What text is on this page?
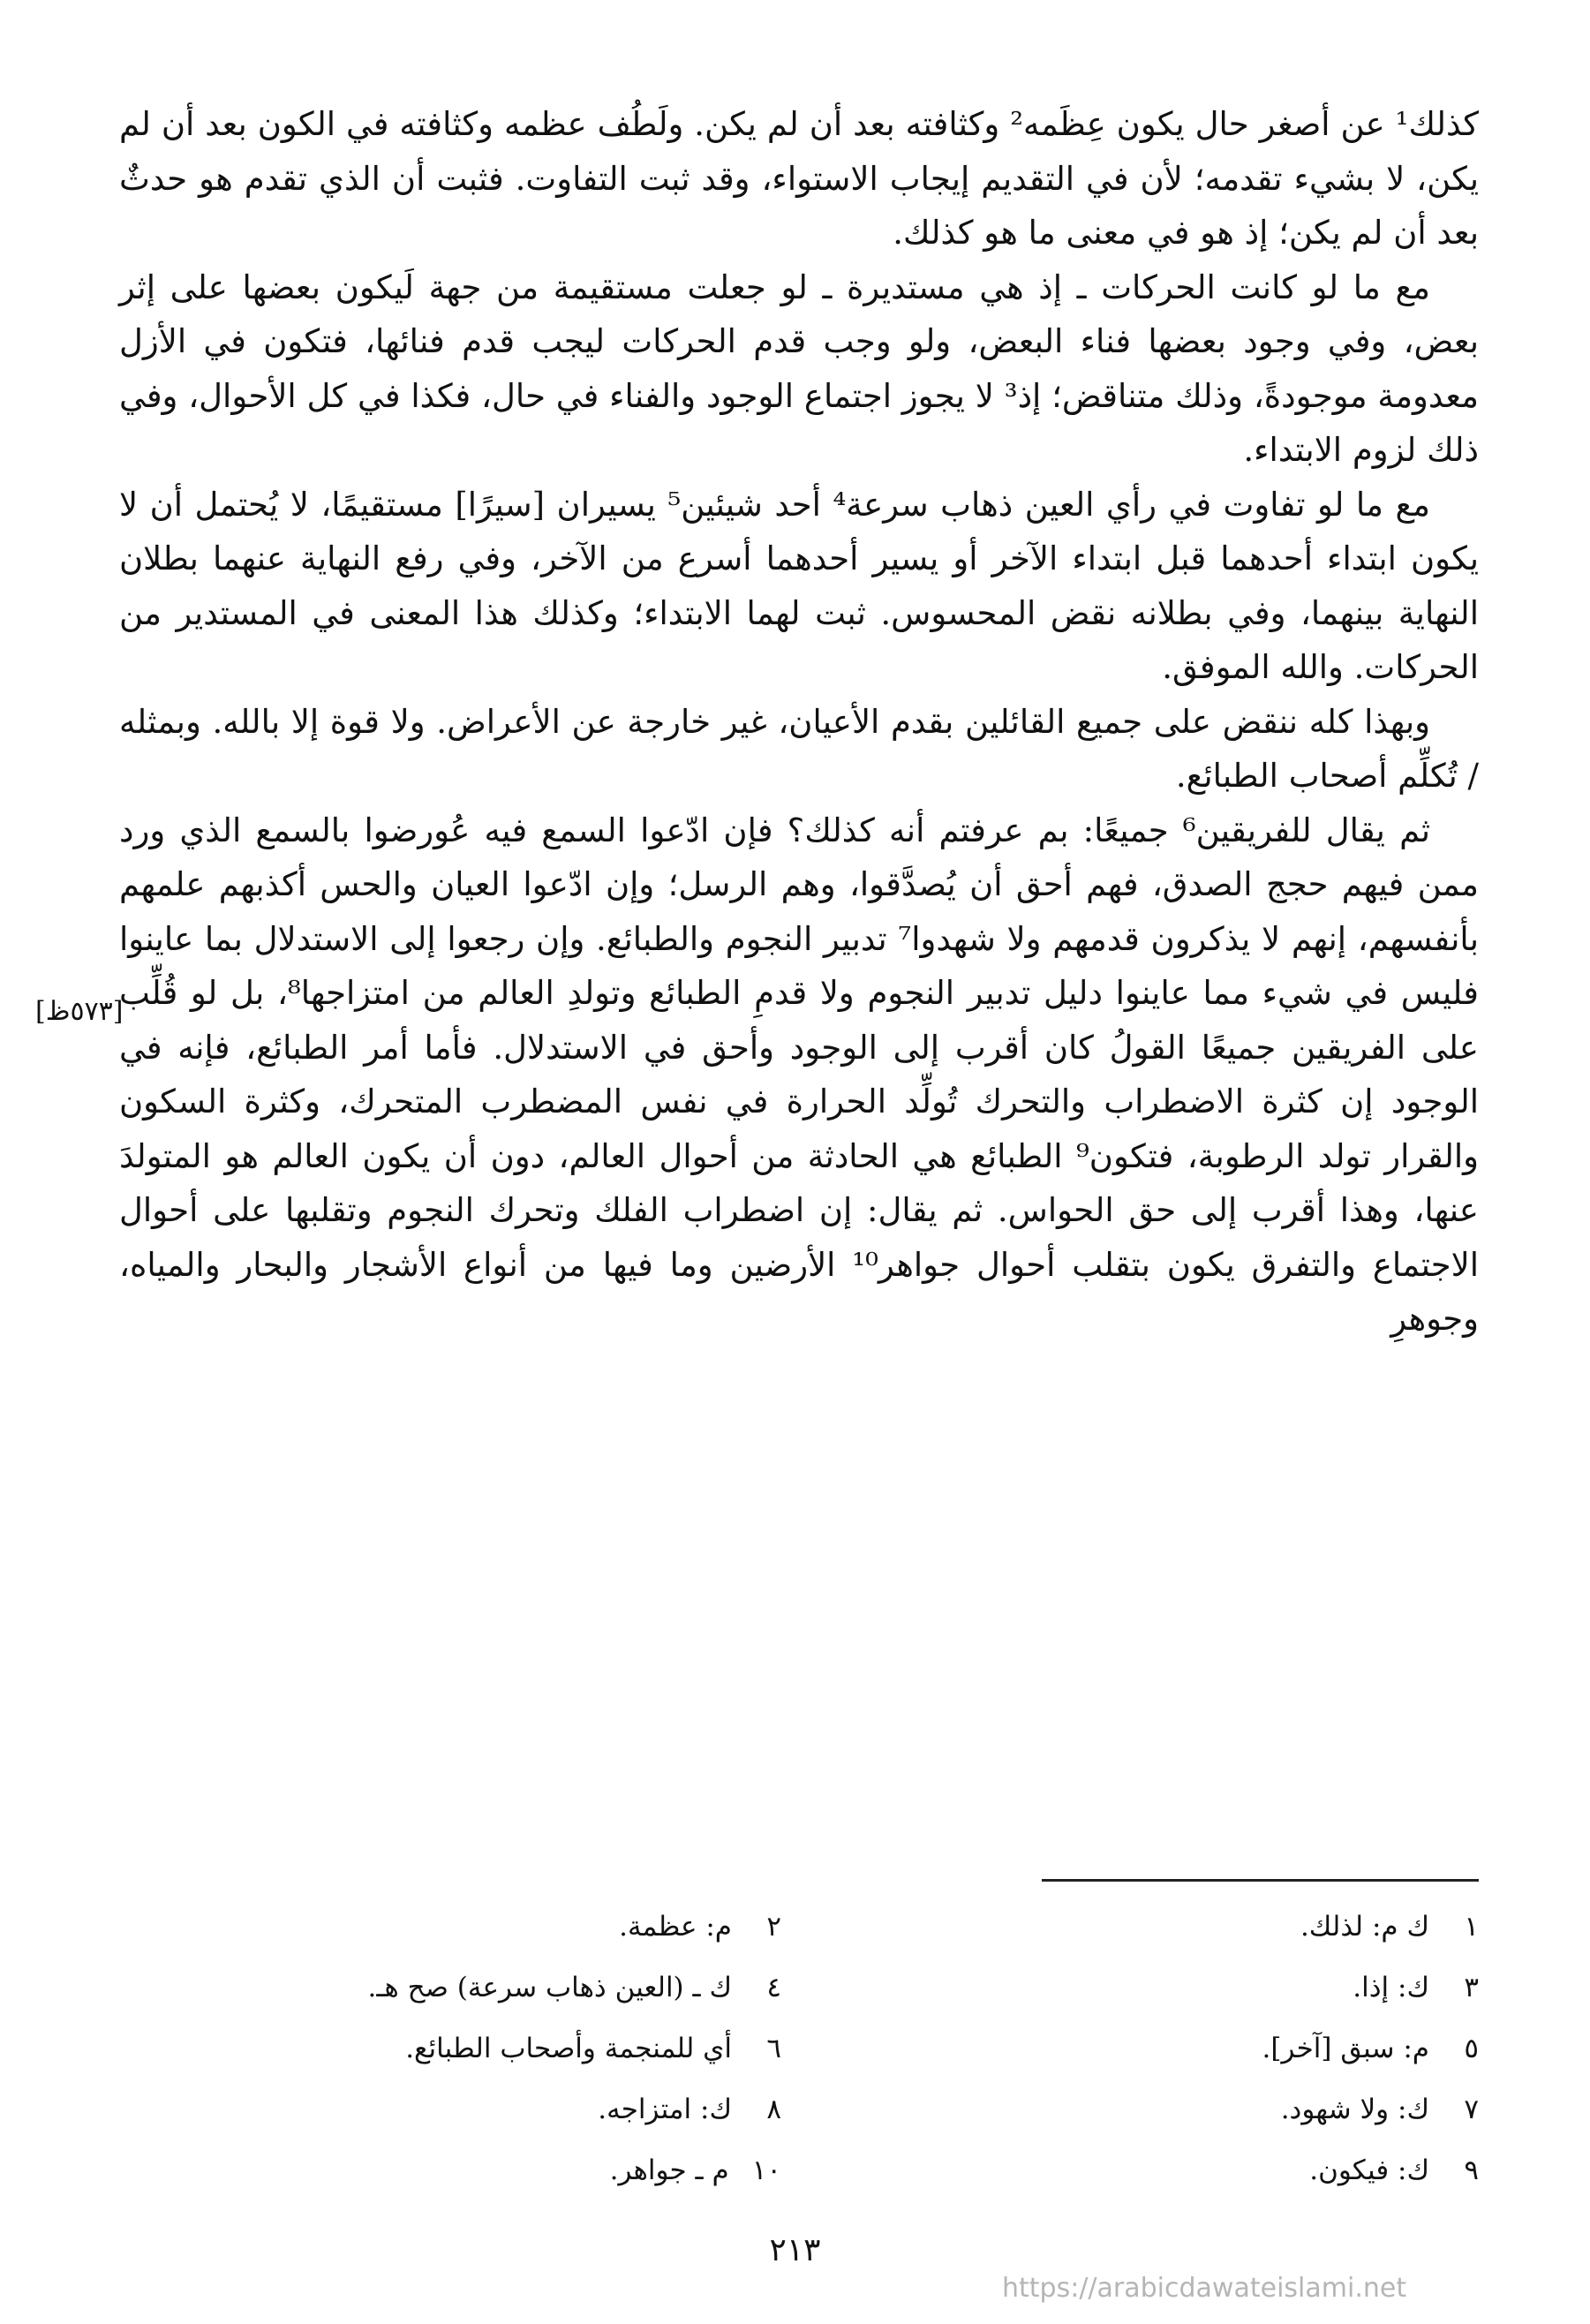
كذلك¹ عن أصغر حال يكون عِظَمه² وكثافته بعد أن لم يكن. ولَطُف عظمه وكثافته في الكون بعد أن لم يكن، لا بشيء تقدمه؛ لأن في التقديم إيجاب الاستواء، وقد ثبت التفاوت. فثبت أن الذي تقدم هو حدثٌ بعد أن لم يكن؛ إذ هو في معنى ما هو كذلك.

مع ما لو كانت الحركات ـ إذ هي مستديرة ـ لو جعلت مستقيمة من جهة لَيكون بعضها على إثر بعض، وفي وجود بعضها فناء البعض، ولو وجب قدم الحركات ليجب قدم فنائها، فتكون في الأزل معدومة موجودةً، وذلك متناقض؛ إذ³ لا يجوز اجتماع الوجود والفناء في حال، فكذا في كل الأحوال، وفي ذلك لزوم الابتداء.

مع ما لو تفاوت في رأي العين ذهاب سرعة⁴ أحد شيئين⁵ يسيران [سيرًا] مستقيمًا، لا يُحتمل أن لا يكون ابتداء أحدهما قبل ابتداء الآخر أو يسير أحدهما أسرع من الآخر، وفي رفع النهاية عنهما بطلان النهاية بينهما، وفي بطلانه نقض المحسوس. ثبت لهما الابتداء؛ وكذلك هذا المعنى في المستدير من الحركات. والله الموفق.

وبهذا كله ننقض على جميع القائلين بقدم الأعيان، غير خارجة عن الأعراض. ولا قوة إلا بالله. وبمثله / تُكلِّم أصحاب الطبائع.

ثم يقال للفريقين⁶ جميعًا: بم عرفتم أنه كذلك؟ فإن ادّعوا السمع فيه عُورضوا بالسمع الذي ورد ممن فيهم حجج الصدق، فهم أحق أن يُصدَّقوا، وهم الرسل؛ وإن ادّعوا العيان والحس أكذبهم علمهم بأنفسهم، إنهم لا يذكرون قدمهم ولا شهدوا⁷ تدبير النجوم والطبائع. وإن رجعوا إلى الاستدلال بما عاينوا فليس في شيء مما عاينوا دليل تدبير النجوم ولا قدمِ الطبائع وتولدِ العالم من امتزاجها⁸، بل لو قُلِّب على الفريقين جميعًا القولُ كان أقرب إلى الوجود وأحق في الاستدلال. فأما أمر الطبائع، فإنه في الوجود إن كثرة الاضطراب والتحرك تُولِّد الحرارة في نفس المضطرب المتحرك، وكثرة السكون والقرار تولد الرطوبة، فتكون⁹ الطبائع هي الحادثة من أحوال العالم، دون أن يكون العالم هو المتولدَ عنها، وهذا أقرب إلى حق الحواس. ثم يقال: إن اضطراب الفلك وتحرك النجوم وتقلبها على أحوال الاجتماع والتفرق يكون بتقلب أحوال جواهر¹⁰ الأرضين وما فيها من أنواع الأشجار والبحار والمياه، وجوهرِ

[٥٧٣ظ]
١
ك م: لذلك.
٢
م: عظمة.
٣
ك: إذا.
٤
ك ـ (العين ذهاب سرعة) صح هـ.
٥
م: سبق [آخر].
٦
أي للمنجمة وأصحاب الطبائع.
٧
ك: ولا شهود.
٨
ك: امتزاجه.
٩
ك: فيكون.
١٠
م ـ جواهر.
٢١٣
https://arabicdawateislami.net
